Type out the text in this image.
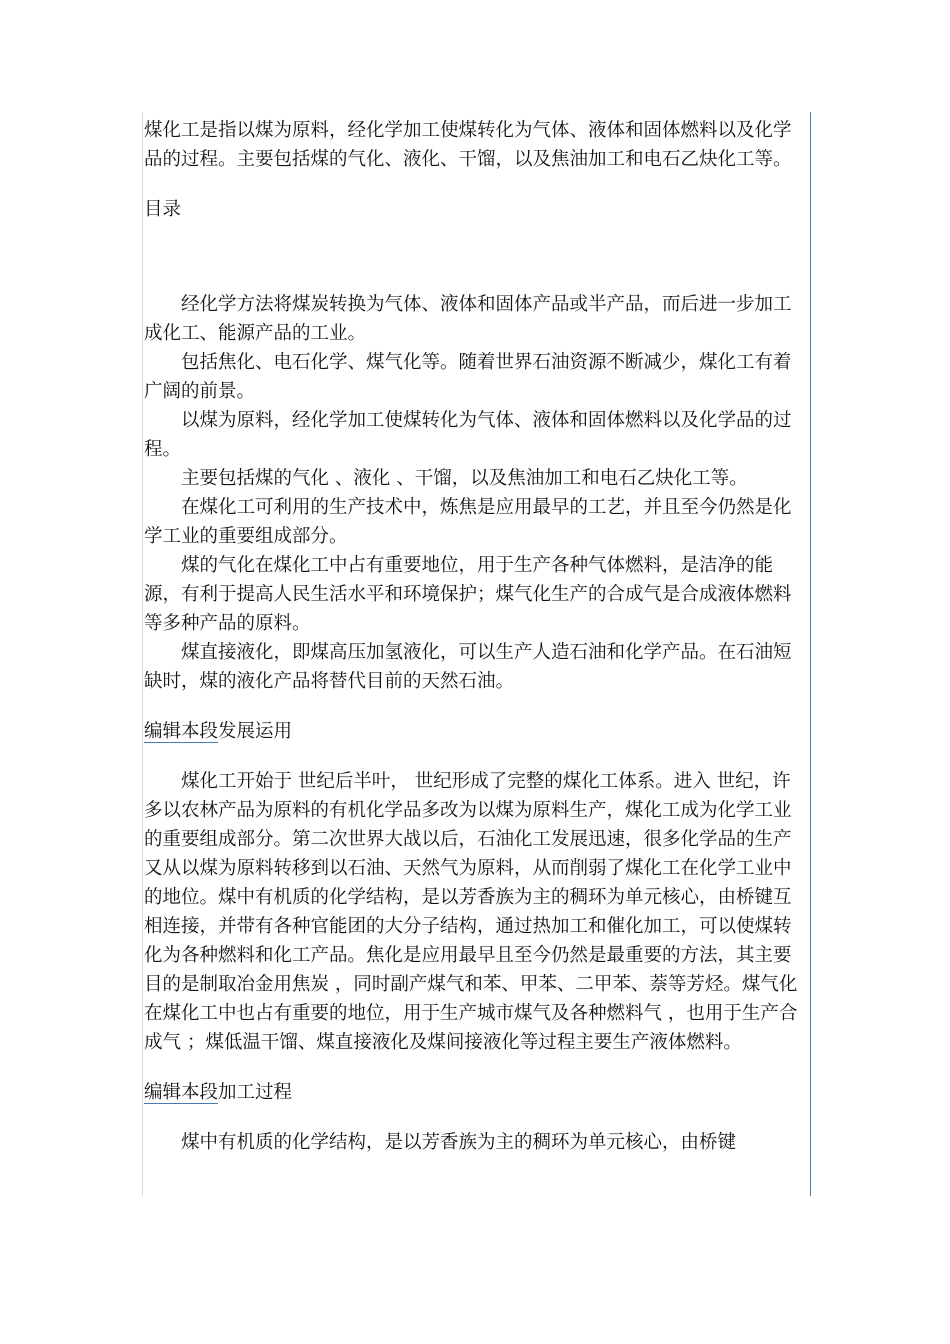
煤化工是指以煤为原料，经化学加工使煤转化为气体、液体和固体燃料以及化学品的过程。主要包括煤的气化、液化、干馏，以及焦油加工和电石乙炔化工等。

目录

经化学方法将煤炭转换为气体、液体和固体产品或半产品，而后进一步加工成化工、能源产品的工业。

包括焦化、电石化学、煤气化等。随着世界石油资源不断减少，煤化工有着广阔的前景。

以煤为原料，经化学加工使煤转化为气体、液体和固体燃料以及化学品的过程。

主要包括煤的气化 、液化 、干馏，以及焦油加工和电石乙炔化工等。

在煤化工可利用的生产技术中，炼焦是应用最早的工艺，并且至今仍然是化学工业的重要组成部分。

煤的气化在煤化工中占有重要地位，用于生产各种气体燃料，是洁净的能源，有利于提高人民生活水平和环境保护；煤气化生产的合成气是合成液体燃料等多种产品的原料。

煤直接液化，即煤高压加氢液化，可以生产人造石油和化学产品。在石油短缺时，煤的液化产品将替代目前的天然石油。

编辑本段发展运用

煤化工开始于 世纪后半叶， 世纪形成了完整的煤化工体系。进入 世纪，许多以农林产品为原料的有机化学品多改为以煤为原料生产，煤化工成为化学工业的重要组成部分。第二次世界大战以后，石油化工发展迅速，很多化学品的生产又从以煤为原料转移到以石油、天然气为原料，从而削弱了煤化工在化学工业中的地位。煤中有机质的化学结构，是以芳香族为主的稠环为单元核心，由桥键互相连接，并带有各种官能团的大分子结构，通过热加工和催化加工，可以使煤转化为各种燃料和化工产品。焦化是应用最早且至今仍然是最重要的方法，其主要目的是制取冶金用焦炭 ，同时副产煤气和苯、甲苯、二甲苯、萘等芳烃。煤气化在煤化工中也占有重要的地位，用于生产城市煤气及各种燃料气 ，也用于生产合成气 ；煤低温干馏、煤直接液化及煤间接液化等过程主要生产液体燃料。

编辑本段加工过程

煤中有机质的化学结构，是以芳香族为主的稠环为单元核心，由桥键
